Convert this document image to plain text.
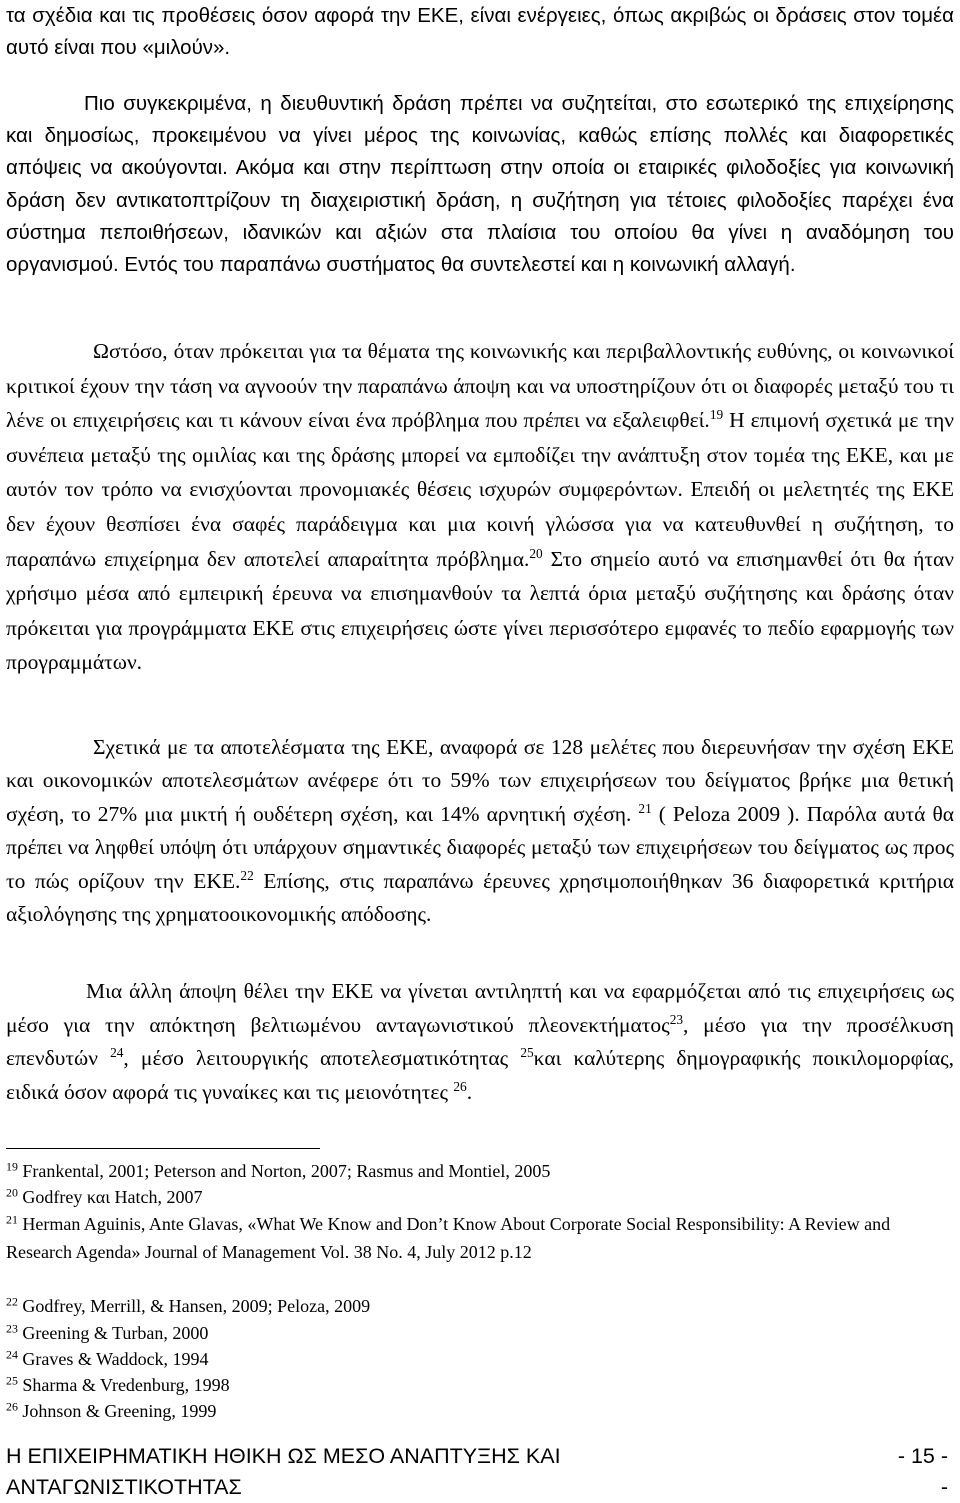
τα σχέδια και τις προθέσεις όσον αφορά την ΕΚΕ, είναι ενέργειες, όπως ακριβώς οι δράσεις στον τομέα αυτό είναι που «μιλούν».

Πιο συγκεκριμένα, η διευθυντική δράση πρέπει να συζητείται, στο εσωτερικό της επιχείρησης και δημοσίως, προκειμένου να γίνει μέρος της κοινωνίας, καθώς επίσης πολλές και διαφορετικές απόψεις να ακούγονται. Ακόμα και στην περίπτωση στην οποία οι εταιρικές φιλοδοξίες για κοινωνική δράση δεν αντικατοπτρίζουν τη διαχειριστική δράση, η συζήτηση για τέτοιες φιλοδοξίες παρέχει ένα σύστημα πεποιθήσεων, ιδανικών και αξιών στα πλαίσια του οποίου θα γίνει η αναδόμηση του οργανισμού. Εντός του παραπάνω συστήματος θα συντελεστεί και η κοινωνική αλλαγή.

Ωστόσο, όταν πρόκειται για τα θέματα της κοινωνικής και περιβαλλοντικής ευθύνης, οι κοινωνικοί κριτικοί έχουν την τάση να αγνοούν την παραπάνω άποψη και να υποστηρίζουν ότι οι διαφορές μεταξύ του τι λένε οι επιχειρήσεις και τι κάνουν είναι ένα πρόβλημα που πρέπει να εξαλειφθεί.$^{19}$ Η επιμονή σχετικά με την συνέπεια μεταξύ της ομιλίας και της δράσης μπορεί να εμποδίζει την ανάπτυξη στον τομέα της ΕΚΕ, και με αυτόν τον τρόπο να ενισχύονται προνομιακές θέσεις ισχυρών συμφερόντων. Επειδή οι μελετητές της ΕΚΕ δεν έχουν θεσπίσει ένα σαφές παράδειγμα και μια κοινή γλώσσα για να κατευθυνθεί η συζήτηση, το παραπάνω επιχείρημα δεν αποτελεί απαραίτητα πρόβλημα.$^{20}$ Στο σημείο αυτό να επισημανθεί ότι θα ήταν χρήσιμο μέσα από εμπειρική έρευνα να επισημανθούν τα λεπτά όρια μεταξύ συζήτησης και δράσης όταν πρόκειται για προγράμματα ΕΚΕ στις επιχειρήσεις ώστε γίνει περισσότερο εμφανές το πεδίο εφαρμογής των προγραμμάτων.

Σχετικά με τα αποτελέσματα της ΕΚΕ, αναφορά σε 128 μελέτες που διερευνήσαν την σχέση ΕΚΕ και οικονομικών αποτελεσμάτων ανέφερε ότι το 59% των επιχειρήσεων του δείγματος βρήκε μια θετική σχέση, το 27% μια μικτή ή ουδέτερη σχέση, και 14% αρνητική σχέση. $^{21}$ ( Peloza 2009 ). Παρόλα αυτά θα πρέπει να ληφθεί υπόψη ότι υπάρχουν σημαντικές διαφορές μεταξύ των επιχειρήσεων του δείγματος ως προς το πώς ορίζουν την ΕΚΕ.$^{22}$ Επίσης, στις παραπάνω έρευνες χρησιμοποιήθηκαν 36 διαφορετικά κριτήρια αξιολόγησης της χρηματοοικονομικής απόδοσης.

Μια άλλη άποψη θέλει την ΕΚΕ να γίνεται αντιληπτή και να εφαρμόζεται από τις επιχειρήσεις ως μέσο για την απόκτηση βελτιωμένου ανταγωνιστικού πλεονεκτήματος$^{23}$, μέσο για την προσέλκυση επενδυτών $^{24}$, μέσο λειτουργικής αποτελεσματικότητας $^{25}$και καλύτερης δημογραφικής ποικιλομορφίας, ειδικά όσον αφορά τις γυναίκες και τις μειονότητες $^{26}$.

$^{19}$ Frankental, 2001; Peterson and Norton, 2007; Rasmus and Montiel, 2005

$^{20}$ Godfrey και Hatch, 2007

$^{21}$ Herman Aguinis, Ante Glavas, «What We Know and Don’t Know About Corporate Social Responsibility: A Review and Research Agenda» Journal of Management Vol. 38 No. 4, July 2012 p.12

$^{22}$ Godfrey, Merrill, & Hansen, 2009; Peloza, 2009

$^{23}$ Greening & Turban, 2000

$^{24}$ Graves & Waddock, 1994

$^{25}$ Sharma & Vredenburg, 1998

$^{26}$ Johnson & Greening, 1999

Η ΕΠΙΧΕΙΡΗΜΑΤΙΚΗ ΗΘΙΚΗ ΩΣ ΜΕΣΟ ΑΝΑΠΤΥΞΗΣ ΚΑΙ ΑΝΤΑΓΩΝΙΣΤΙΚΟΤΗΤΑΣ

- 15 -
-
